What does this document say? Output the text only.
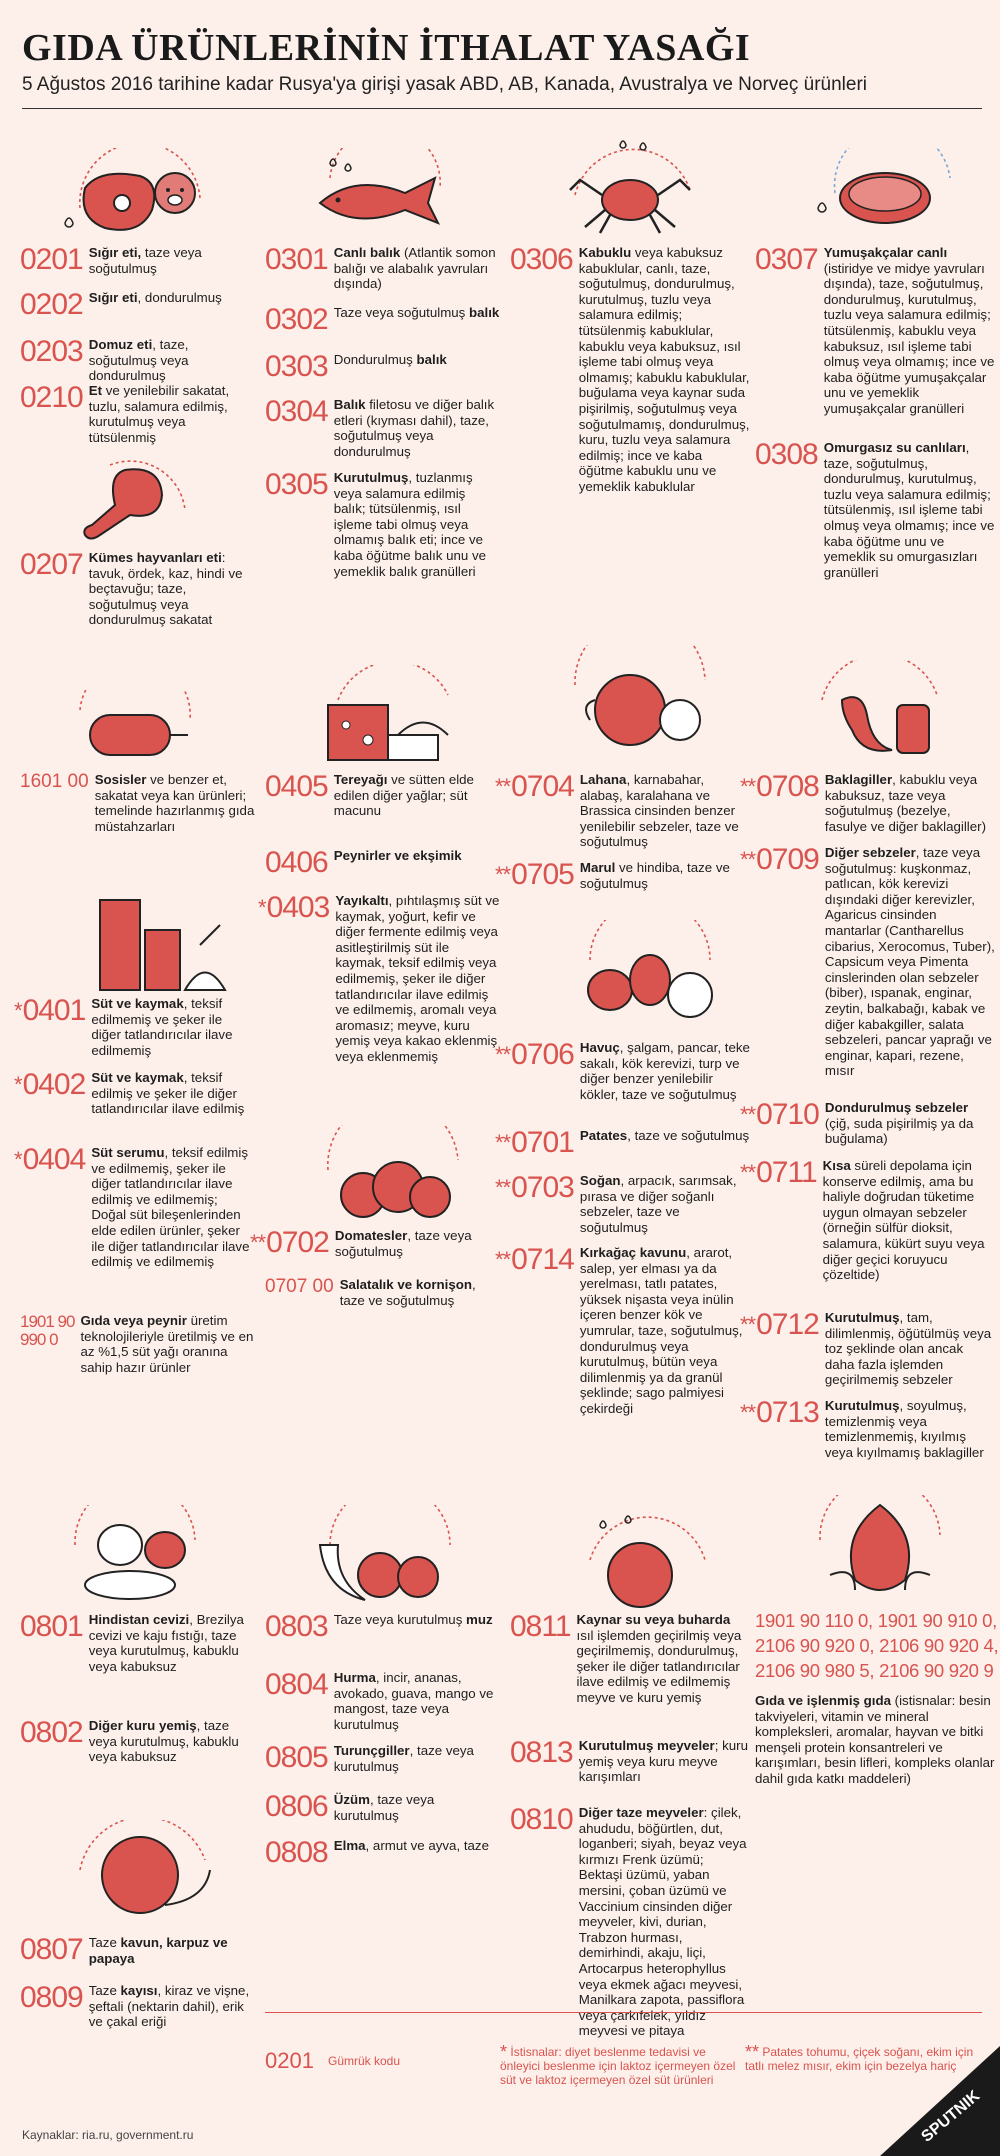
GIDA ÜRÜNLERİNİN İTHALAT YASAĞI
5 Ağustos 2016 tarihine kadar Rusya'ya girişi yasak ABD, AB, Kanada, Avustralya ve Norveç ürünleri
0201 Sığır eti, taze veya soğutulmuş
0202 Sığır eti, dondurulmuş
0203 Domuz eti, taze, soğutulmuş veya dondurulmuş
0210 Et ve yenilebilir sakatat, tuzlu, salamura edilmiş, kurutulmuş veya tütsülenmiş
0207 Kümes hayvanları eti: tavuk, ördek, kaz, hindi ve beçtavuğu; taze, soğutulmuş veya dondurulmuş sakatat
1601 00 Sosisler ve benzer et, sakatat veya kan ürünleri; temelinde hazırlanmış gıda müstahzarları
*0401 Süt ve kaymak, teksif edilmemiş ve şeker ile diğer tatlandırıcılar ilave edilmemiş
*0402 Süt ve kaymak, teksif edilmiş ve şeker ile diğer tatlandırıcılar ilave edilmiş
*0404 Süt serumu, teksif edilmiş ve edilmemiş, şeker ile diğer tatlandırıcılar ilave edilmiş ve edilmemiş; Doğal süt bileşenlerinden elde edilen ürünler, şeker ile diğer tatlandırıcılar ilave edilmiş ve edilmemiş
1901 90
990 0
Gıda veya peynir üretim teknolojileriyle üretilmiş ve en az %1,5 süt yağı oranına sahip hazır ürünler
0801 Hindistan cevizi, Brezilya cevizi ve kaju fıstığı, taze veya kurutulmuş, kabuklu veya kabuksuz
0802 Diğer kuru yemiş, taze veya kurutulmuş, kabuklu veya kabuksuz
0807 Taze kavun, karpuz ve papaya
0809 Taze kayısı, kiraz ve vişne, şeftali (nektarin dahil), erik ve çakal eriği
0301 Canlı balık (Atlantik somon balığı ve alabalık yavruları dışında)
0302 Taze veya soğutulmuş balık
0303 Dondurulmuş balık
0304 Balık filetosu ve diğer balık etleri (kıyması dahil), taze, soğutulmuş veya dondurulmuş
0305 Kurutulmuş, tuzlanmış veya salamura edilmiş balık; tütsülenmiş, ısıl işleme tabi olmuş veya olmamış balık eti; ince ve kaba öğütme balık unu ve yemeklik balık granülleri
0405 Tereyağı ve sütten elde edilen diğer yağlar; süt macunu
0406 Peynirler ve ekşimik
*0403 Yayıkaltı, pıhtılaşmış süt ve kaymak, yoğurt, kefir ve diğer fermente edilmiş veya asitleştirilmiş süt ile kaymak, teksif edilmiş veya edilmemiş, şeker ile diğer tatlandırıcılar ilave edilmiş ve edilmemiş, aromalı veya aromasız; meyve, kuru yemiş veya kakao eklenmiş veya eklenmemiş
**0702 Domatesler, taze veya soğutulmuş
0707 00 Salatalık ve kornişon, taze ve soğutulmuş
0803 Taze veya kurutulmuş muz
0804 Hurma, incir, ananas, avokado, guava, mango ve mangost, taze veya kurutulmuş
0805 Turunçgiller, taze veya kurutulmuş
0806 Üzüm, taze veya kurutulmuş
0808 Elma, armut ve ayva, taze
0306 Kabuklu veya kabuksuz kabuklular, canlı, taze, soğutulmuş, dondurulmuş, kurutulmuş, tuzlu veya salamura edilmiş; tütsülenmiş kabuklular, kabuklu veya kabuksuz, ısıl işleme tabi olmuş veya olmamış; kabuklu kabuklular, buğulama veya kaynar suda pişirilmiş, soğutulmuş veya soğutulmamış, dondurulmuş, kuru, tuzlu veya salamura edilmiş; ince ve kaba öğütme kabuklu unu ve yemeklik kabuklular
**0704 Lahana, karnabahar, alabaş, karalahana ve Brassica cinsinden benzer yenilebilir sebzeler, taze ve soğutulmuş
**0705 Marul ve hindiba, taze ve soğutulmuş
**0706 Havuç, şalgam, pancar, teke sakalı, kök kerevizi, turp ve diğer benzer yenilebilir kökler, taze ve soğutulmuş
**0701 Patates, taze ve soğutulmuş
**0703 Soğan, arpacık, sarımsak, pırasa ve diğer soğanlı sebzeler, taze ve soğutulmuş
**0714 Kırkağaç kavunu, ararot, salep, yer elması ya da yerelması, tatlı patates, yüksek nişasta veya inülin içeren benzer kök ve yumrular, taze, soğutulmuş, dondurulmuş veya kurutulmuş, bütün veya dilimlenmiş ya da granül şeklinde; sago palmiyesi çekirdeği
0811 Kaynar su veya buharda ısıl işlemden geçirilmiş veya geçirilmemiş, dondurulmuş, şeker ile diğer tatlandırıcılar ilave edilmiş ve edilmemiş meyve ve kuru yemiş
0813 Kurutulmuş meyveler; kuru yemiş veya kuru meyve karışımları
0810 Diğer taze meyveler: çilek, ahududu, böğürtlen, dut, loganberi; siyah, beyaz veya kırmızı Frenk üzümü; Bektaşi üzümü, yaban mersini, çoban üzümü ve Vaccinium cinsinden diğer meyveler, kivi, durian, Trabzon hurması, demirhindi, akaju, liçi, Artocarpus heterophyllus veya ekmek ağacı meyvesi, Manilkara zapota, passiflora veya çarkıfelek, yıldız meyvesi ve pitaya
0307 Yumuşakçalar canlı (istiridye ve midye yavruları dışında), taze, soğutulmuş, dondurulmuş, kurutulmuş, tuzlu veya salamura edilmiş; tütsülenmiş, kabuklu veya kabuksuz, ısıl işleme tabi olmuş veya olmamış; ince ve kaba öğütme yumuşakçalar unu ve yemeklik yumuşakçalar granülleri
0308 Omurgasız su canlıları, taze, soğutulmuş, dondurulmuş, kurutulmuş, tuzlu veya salamura edilmiş; tütsülenmiş, ısıl işleme tabi olmuş veya olmamış; ince ve kaba öğütme unu ve yemeklik su omurgasızları granülleri
**0708 Baklagiller, kabuklu veya kabuksuz, taze veya soğutulmuş (bezelye, fasulye ve diğer baklagiller)
**0709 Diğer sebzeler, taze veya soğutulmuş: kuşkonmaz, patlıcan, kök kerevizi dışındaki diğer kerevizler, Agaricus cinsinden mantarlar (Cantharellus cibarius, Xerocomus, Tuber), Capsicum veya Pimenta cinslerinden olan sebzeler (biber), ıspanak, enginar, zeytin, balkabağı, kabak ve diğer kabakgiller, salata sebzeleri, pancar yaprağı ve enginar, kapari, rezene, mısır
**0710 Dondurulmuş sebzeler (çiğ, suda pişirilmiş ya da buğulama)
**0711 Kısa süreli depolama için konserve edilmiş, ama bu haliyle doğrudan tüketime uygun olmayan sebzeler (örneğin sülfür dioksit, salamura, kükürt suyu veya diğer geçici koruyucu çözeltide)
**0712 Kurutulmuş, tam, dilimlenmiş, öğütülmüş veya toz şeklinde olan ancak daha fazla işlemden geçirilmemiş sebzeler
**0713 Kurutulmuş, soyulmuş, temizlenmiş veya temizlenmemiş, kıyılmış veya kıyılmamış baklagiller
1901 90 110 0, 1901 90 910 0,
2106 90 920 0, 2106 90 920 4,
2106 90 980 5, 2106 90 920 9
Gıda ve işlenmiş gıda (istisnalar: besin takviyeleri, vitamin ve mineral kompleksleri, aromalar, hayvan ve bitki menşeli protein konsantreleri ve karışımları, besin lifleri, kompleks olanlar dahil gıda katkı maddeleri)
0201 Gümrük kodu	* İstisnalar: diyet beslenme tedavisi ve önleyici beslenme için laktoz içermeyen özel süt ve laktoz içermeyen özel süt ürünleri
** Patates tohumu, çiçek soğanı, ekim için tatlı melez mısır, ekim için bezelya hariç
Kaynaklar: ria.ru, government.ru	SPUTNIK
